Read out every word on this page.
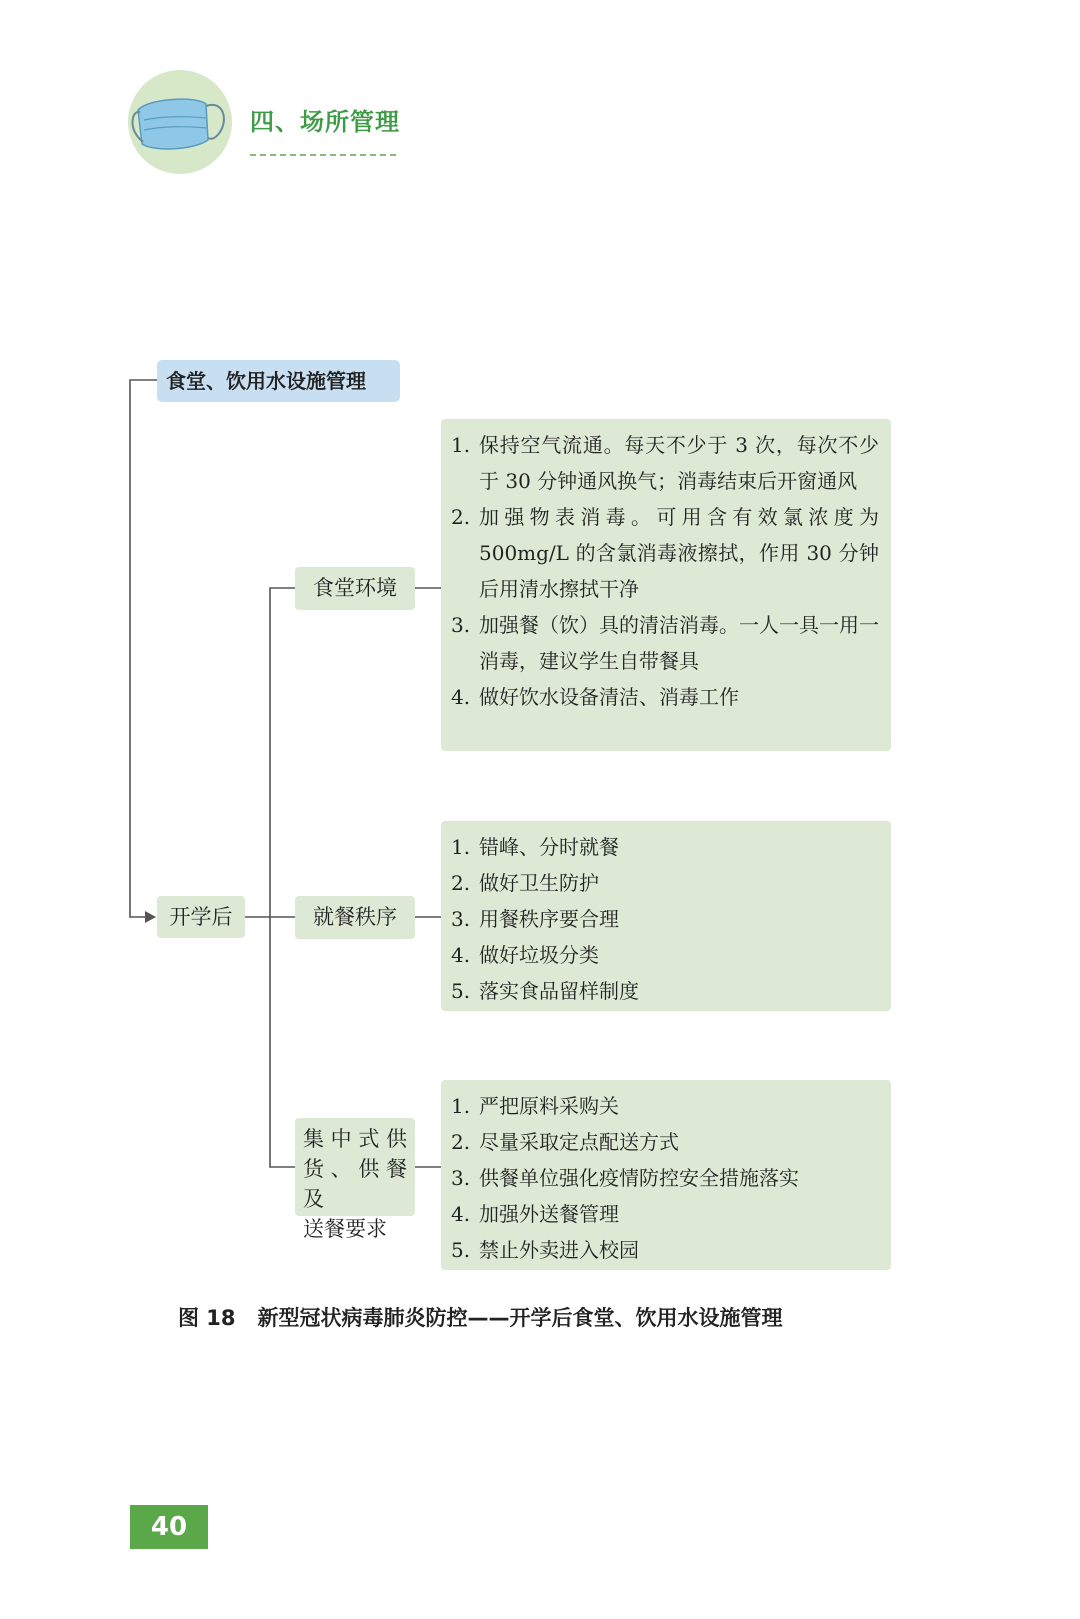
四、场所管理
食堂、饮用水设施管理
开学后
食堂环境
就餐秩序
集中式供
货、供餐及
送餐要求
1. 保持空气流通。每天不少于 3 次，每次不少于 30 分钟通风换气；消毒结束后开窗通风
2. 加强物表消毒。可用含有效氯浓度为 500mg/L 的含氯消毒液擦拭，作用 30 分钟后用清水擦拭干净
3. 加强餐（饮）具的清洁消毒。一人一具一用一消毒，建议学生自带餐具
4. 做好饮水设备清洁、消毒工作
1. 错峰、分时就餐
2. 做好卫生防护
3. 用餐秩序要合理
4. 做好垃圾分类
5. 落实食品留样制度
1. 严把原料采购关
2. 尽量采取定点配送方式
3. 供餐单位强化疫情防控安全措施落实
4. 加强外送餐管理
5. 禁止外卖进入校园
图 18 新型冠状病毒肺炎防控——开学后食堂、饮用水设施管理
40
